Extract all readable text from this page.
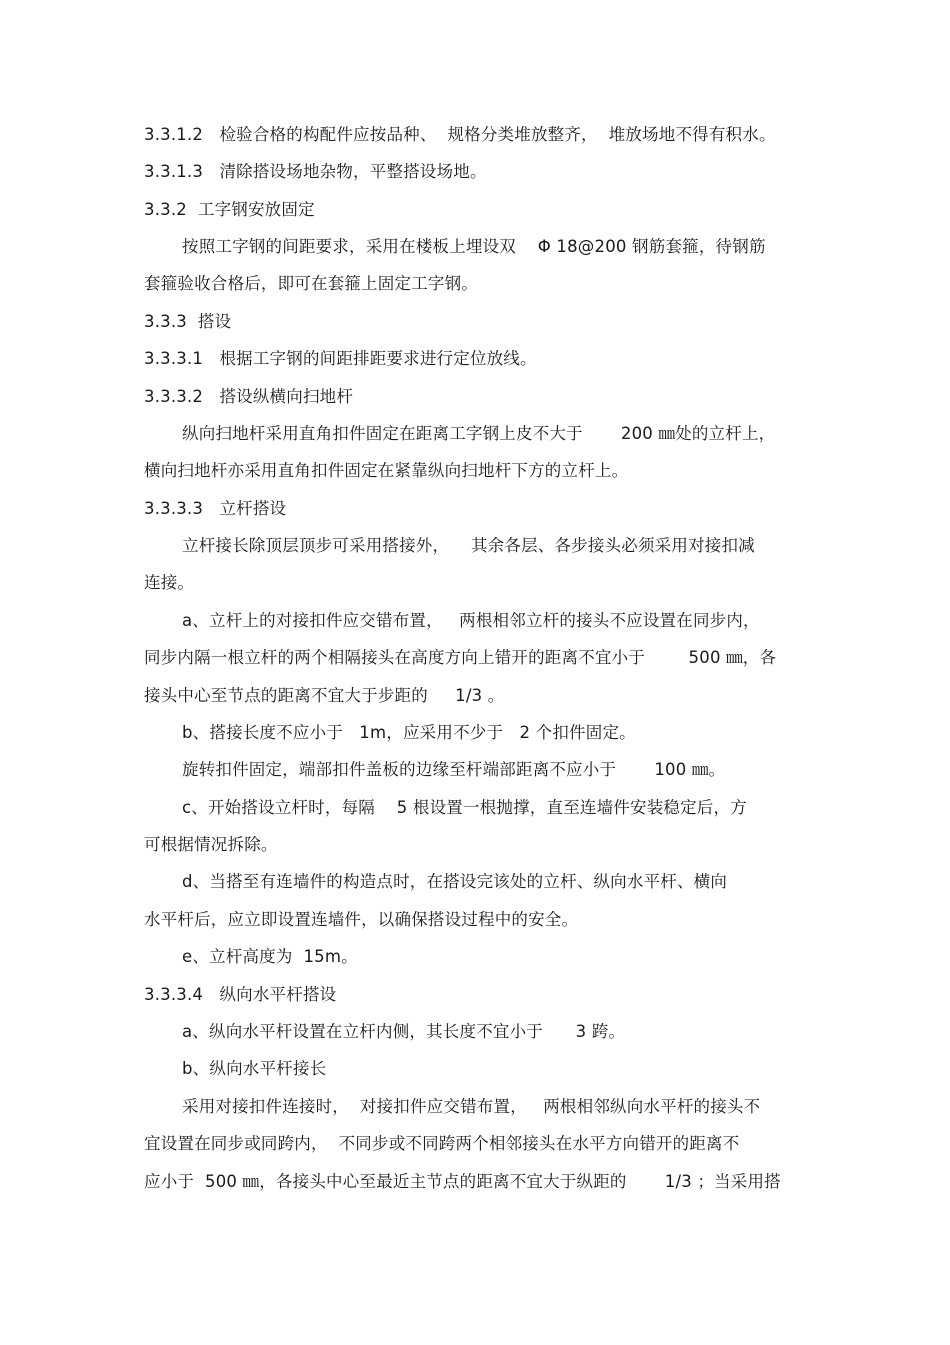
3.3.1.2   检验合格的构配件应按品种、  规格分类堆放整齐，  堆放场地不得有积水。
3.3.1.3   清除搭设场地杂物，平整搭设场地。
3.3.2  工字钢安放固定
按照工字钢的间距要求，采用在楼板上埋设双    Φ 18@200 钢筋套箍，待钢筋
套箍验收合格后，即可在套箍上固定工字钢。
3.3.3  搭设
3.3.3.1   根据工字钢的间距排距要求进行定位放线。
3.3.3.2   搭设纵横向扫地杆
纵向扫地杆采用直角扣件固定在距离工字钢上皮不大于       200 ㎜处的立杆上，
横向扫地杆亦采用直角扣件固定在紧靠纵向扫地杆下方的立杆上。
3.3.3.3   立杆搭设
立杆接长除顶层顶步可采用搭接外，    其余各层、各步接头必须采用对接扣减
连接。
a、立杆上的对接扣件应交错布置，   两根相邻立杆的接头不应设置在同步内，
同步内隔一根立杆的两个相隔接头在高度方向上错开的距离不宜小于        500 ㎜，各
接头中心至节点的距离不宜大于步距的     1/3 。
b、搭接长度不应小于   1m，应采用不少于   2 个扣件固定。
旋转扣件固定，端部扣件盖板的边缘至杆端部距离不应小于       100 ㎜。
c、开始搭设立杆时，每隔    5 根设置一根抛撑，直至连墙件安装稳定后，方
可根据情况拆除。
d、当搭至有连墙件的构造点时，在搭设完该处的立杆、纵向水平杆、横向
水平杆后，应立即设置连墙件，以确保搭设过程中的安全。
e、立杆高度为  15m。
3.3.3.4   纵向水平杆搭设
a、纵向水平杆设置在立杆内侧，其长度不宜小于      3 跨。
b、纵向水平杆接长
采用对接扣件连接时，  对接扣件应交错布置，   两根相邻纵向水平杆的接头不
宜设置在同步或同跨内，  不同步或不同跨两个相邻接头在水平方向错开的距离不
应小于  500 ㎜，各接头中心至最近主节点的距离不宜大于纵距的       1/3 ；当采用搭
